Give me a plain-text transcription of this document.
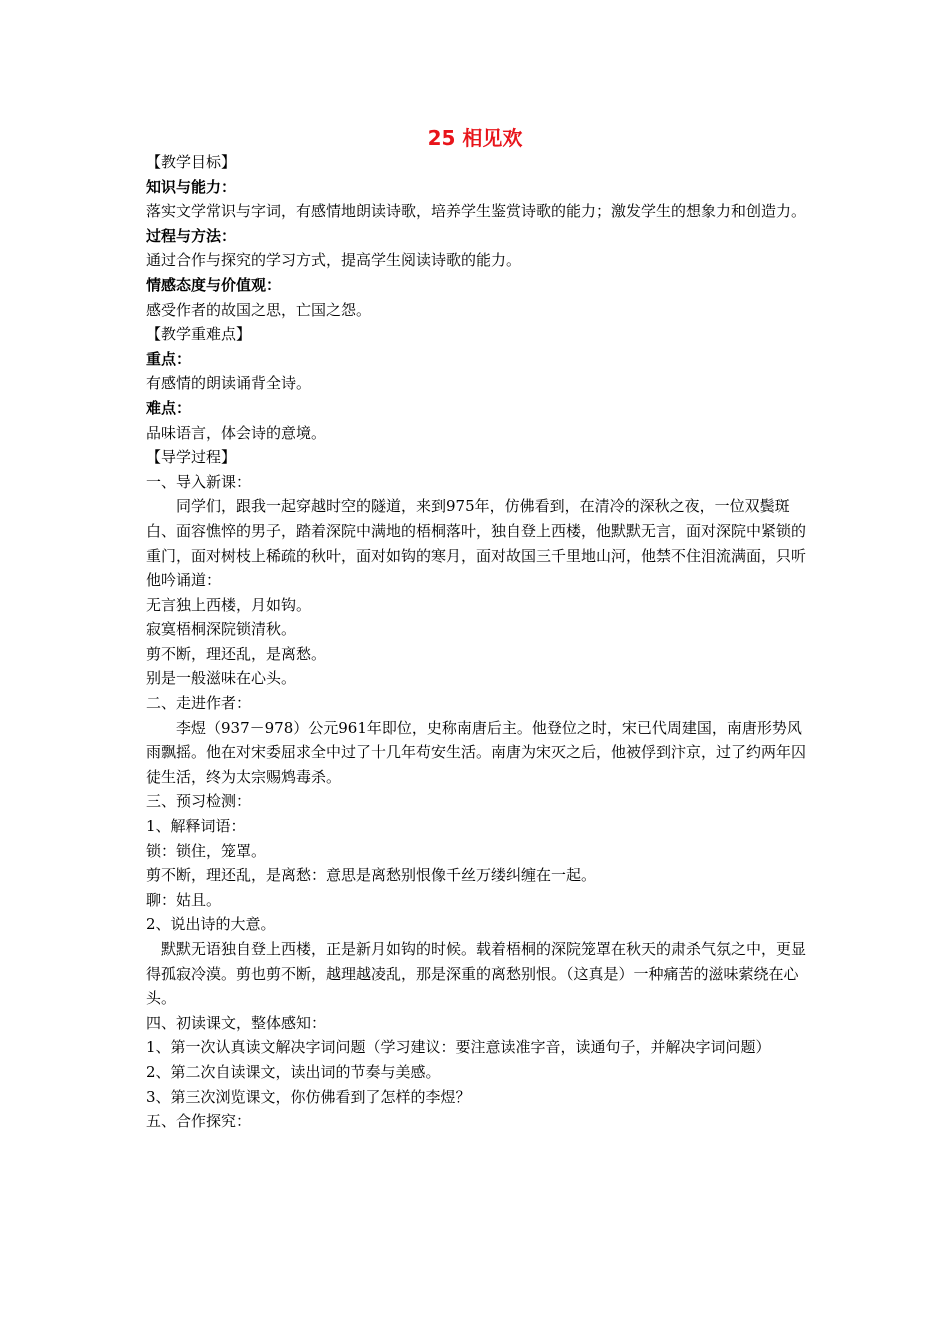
25 相见欢

【教学目标】

知识与能力：

落实文学常识与字词，有感情地朗读诗歌，培养学生鉴赏诗歌的能力；激发学生的想象力和创造力。

过程与方法：

通过合作与探究的学习方式，提高学生阅读诗歌的能力。

情感态度与价值观：

感受作者的故国之思，亡国之怨。

【教学重难点】

重点：

有感情的朗读诵背全诗。

难点：

品味语言，体会诗的意境。

【导学过程】

一、导入新课：

同学们，跟我一起穿越时空的隧道，来到975年，仿佛看到，在清冷的深秋之夜，一位双鬓斑白、面容憔悴的男子，踏着深院中满地的梧桐落叶，独自登上西楼，他默默无言，面对深院中紧锁的重门，面对树枝上稀疏的秋叶，面对如钩的寒月，面对故国三千里地山河，他禁不住泪流满面，只听他吟诵道：

无言独上西楼，月如钩。

寂寞梧桐深院锁清秋。

剪不断，理还乱，是离愁。

别是一般滋味在心头。

二、走进作者：

李煜（937－978）公元961年即位，史称南唐后主。他登位之时，宋已代周建国，南唐形势风雨飘摇。他在对宋委屈求全中过了十几年苟安生活。南唐为宋灭之后，他被俘到汴京，过了约两年囚徒生活，终为太宗赐鸩毒杀。

三、预习检测：

1、解释词语：

锁：锁住，笼罩。

剪不断，理还乱，是离愁：意思是离愁别恨像千丝万缕纠缠在一起。

聊：姑且。

2、说出诗的大意。

默默无语独自登上西楼，正是新月如钩的时候。载着梧桐的深院笼罩在秋天的肃杀气氛之中，更显得孤寂冷漠。剪也剪不断，越理越凌乱，那是深重的离愁别恨。（这真是）一种痛苦的滋味萦绕在心头。

四、初读课文，整体感知：

1、第一次认真读文解决字词问题（学习建议：要注意读准字音，读通句子，并解决字词问题）

2、第二次自读课文，读出词的节奏与美感。

3、第三次浏览课文，你仿佛看到了怎样的李煜？

五、合作探究：
